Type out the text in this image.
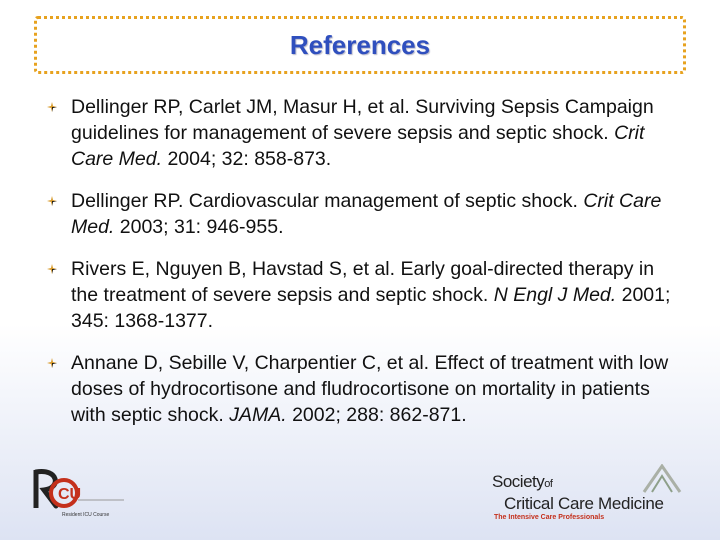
References
Dellinger RP, Carlet JM, Masur H, et al. Surviving Sepsis Campaign guidelines for management of severe sepsis and septic shock. Crit Care Med. 2004; 32: 858-873.
Dellinger RP. Cardiovascular management of septic shock. Crit Care Med. 2003; 31: 946-955.
Rivers E, Nguyen B, Havstad S, et al. Early goal-directed therapy in the treatment of severe sepsis and septic shock. N Engl J Med. 2001; 345: 1368-1377.
Annane D, Sebille V, Charpentier C, et al. Effect of treatment with low doses of hydrocortisone and fludrocortisone on mortality in patients with septic shock. JAMA. 2002; 288: 862-871.
CU
Resident ICU Course
Societyof
Critical Care Medicine
The Intensive Care Professionals
